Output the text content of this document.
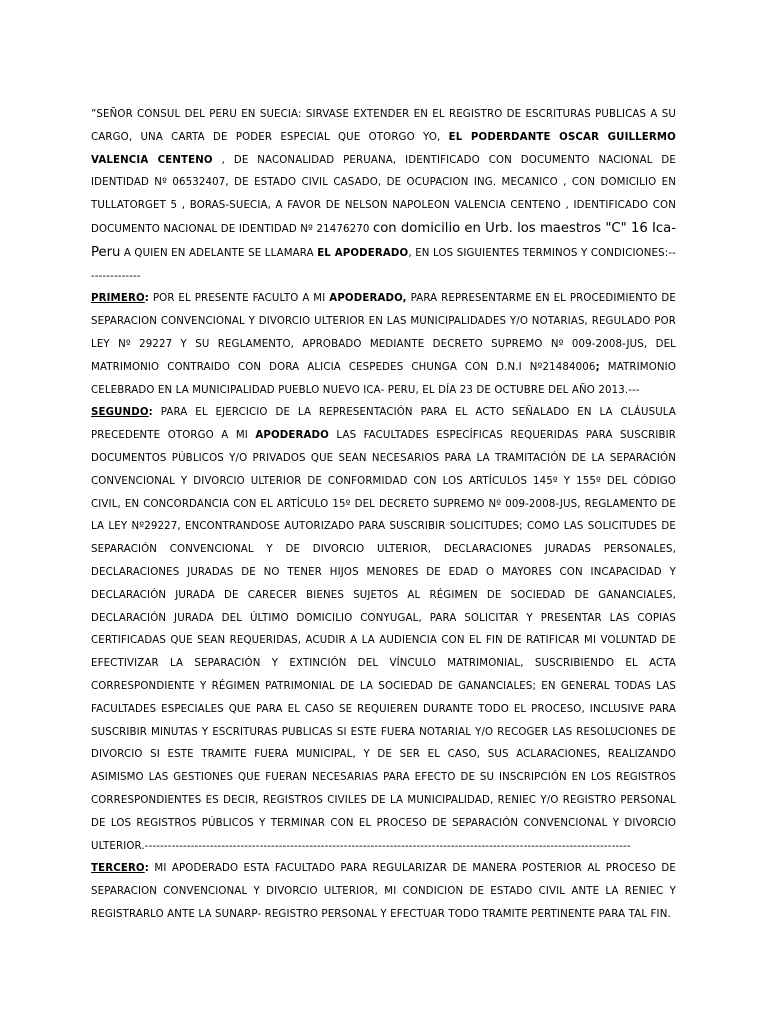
”SEÑOR CONSUL DEL PERU EN SUECIA: SIRVASE EXTENDER EN EL REGISTRO DE ESCRITURAS PUBLICAS A SU CARGO, UNA CARTA DE PODER ESPECIAL QUE OTORGO YO, EL PODERDANTE OSCAR GUILLERMO VALENCIA CENTENO , DE NACONALIDAD PERUANA, IDENTIFICADO CON DOCUMENTO NACIONAL DE IDENTIDAD Nº 06532407, DE ESTADO CIVIL CASADO, DE OCUPACION ING. MECANICO , CON DOMICILIO EN TULLATORGET 5 , BORAS-SUECIA, A FAVOR DE NELSON NAPOLEON VALENCIA CENTENO , IDENTIFICADO CON DOCUMENTO NACIONAL DE IDENTIDAD Nº 21476270 con domicilio en Urb. los maestros "C" 16 Ica-Peru A QUIEN EN ADELANTE SE LLAMARA EL APODERADO, EN LOS SIGUIENTES TERMINOS Y CONDICIONES:---------------

PRIMERO: POR EL PRESENTE FACULTO A MI APODERADO, PARA REPRESENTARME EN EL PROCEDIMIENTO DE SEPARACION CONVENCIONAL Y DIVORCIO ULTERIOR EN LAS MUNICIPALIDADES Y/O NOTARIAS, REGULADO POR LEY Nº 29227 Y SU REGLAMENTO, APROBADO MEDIANTE DECRETO SUPREMO Nº 009-2008-JUS, DEL MATRIMONIO CONTRAIDO CON DORA ALICIA CESPEDES CHUNGA CON D.N.I Nº21484006; MATRIMONIO CELEBRADO EN LA MUNICIPALIDAD PUEBLO NUEVO ICA- PERU, EL DÍA 23 DE OCTUBRE DEL AÑO 2013.---

SEGUNDO: PARA EL EJERCICIO DE LA REPRESENTACIÓN PARA EL ACTO SEÑALADO EN LA CLÁUSULA PRECEDENTE OTORGO A MI APODERADO LAS FACULTADES ESPECÍFICAS REQUERIDAS PARA SUSCRIBIR DOCUMENTOS PÚBLICOS Y/O PRIVADOS QUE SEAN NECESARIOS PARA LA TRAMITACIÓN DE LA SEPARACIÓN CONVENCIONAL Y DIVORCIO ULTERIOR DE CONFORMIDAD CON LOS ARTÍCULOS 145º Y 155º DEL CÓDIGO CIVIL, EN CONCORDANCIA CON EL ARTÍCULO 15º DEL DECRETO SUPREMO Nº 009-2008-JUS, REGLAMENTO DE LA LEY Nº29227, ENCONTRANDOSE AUTORIZADO PARA SUSCRIBIR SOLICITUDES; COMO LAS SOLICITUDES DE SEPARACIÓN CONVENCIONAL Y DE DIVORCIO ULTERIOR, DECLARACIONES JURADAS PERSONALES, DECLARACIONES JURADAS DE NO TENER HIJOS MENORES DE EDAD O MAYORES CON INCAPACIDAD Y DECLARACIÓN JURADA DE CARECER BIENES SUJETOS AL RÉGIMEN DE SOCIEDAD DE GANANCIALES, DECLARACIÓN JURADA DEL ÚLTIMO DOMICILIO CONYUGAL, PARA SOLICITAR Y PRESENTAR LAS COPIAS CERTIFICADAS QUE SEAN REQUERIDAS, ACUDIR A LA AUDIENCIA CON EL FIN DE RATIFICAR MI VOLUNTAD DE EFECTIVIZAR LA SEPARACIÓN Y EXTINCIÓN DEL VÍNCULO MATRIMONIAL, SUSCRIBIENDO EL ACTA CORRESPONDIENTE Y RÉGIMEN PATRIMONIAL DE LA SOCIEDAD DE GANANCIALES; EN GENERAL TODAS LAS FACULTADES ESPECIALES QUE PARA EL CASO SE REQUIEREN DURANTE TODO EL PROCESO, INCLUSIVE PARA SUSCRIBIR MINUTAS Y ESCRITURAS PUBLICAS SI ESTE FUERA NOTARIAL Y/O RECOGER LAS RESOLUCIONES DE DIVORCIO SI ESTE TRAMITE FUERA MUNICIPAL, Y DE SER EL CASO, SUS ACLARACIONES, REALIZANDO ASIMISMO LAS GESTIONES QUE FUERAN NECESARIAS PARA EFECTO DE SU INSCRIPCIÓN EN LOS REGISTROS CORRESPONDIENTES ES DECIR, REGISTROS CIVILES DE LA MUNICIPALIDAD, RENIEC Y/O REGISTRO PERSONAL DE LOS REGISTROS PÚBLICOS Y TERMINAR CON EL PROCESO DE SEPARACIÓN CONVENCIONAL Y DIVORCIO ULTERIOR.-------------------------------------------------------------------------------------------------------------------------------

TERCERO: MI APODERADO ESTA FACULTADO PARA REGULARIZAR DE MANERA POSTERIOR AL PROCESO DE SEPARACION CONVENCIONAL Y DIVORCIO ULTERIOR, MI CONDICION DE ESTADO CIVIL ANTE LA RENIEC Y REGISTRARLO ANTE LA SUNARP- REGISTRO PERSONAL Y EFECTUAR TODO TRAMITE PERTINENTE PARA TAL FIN.
